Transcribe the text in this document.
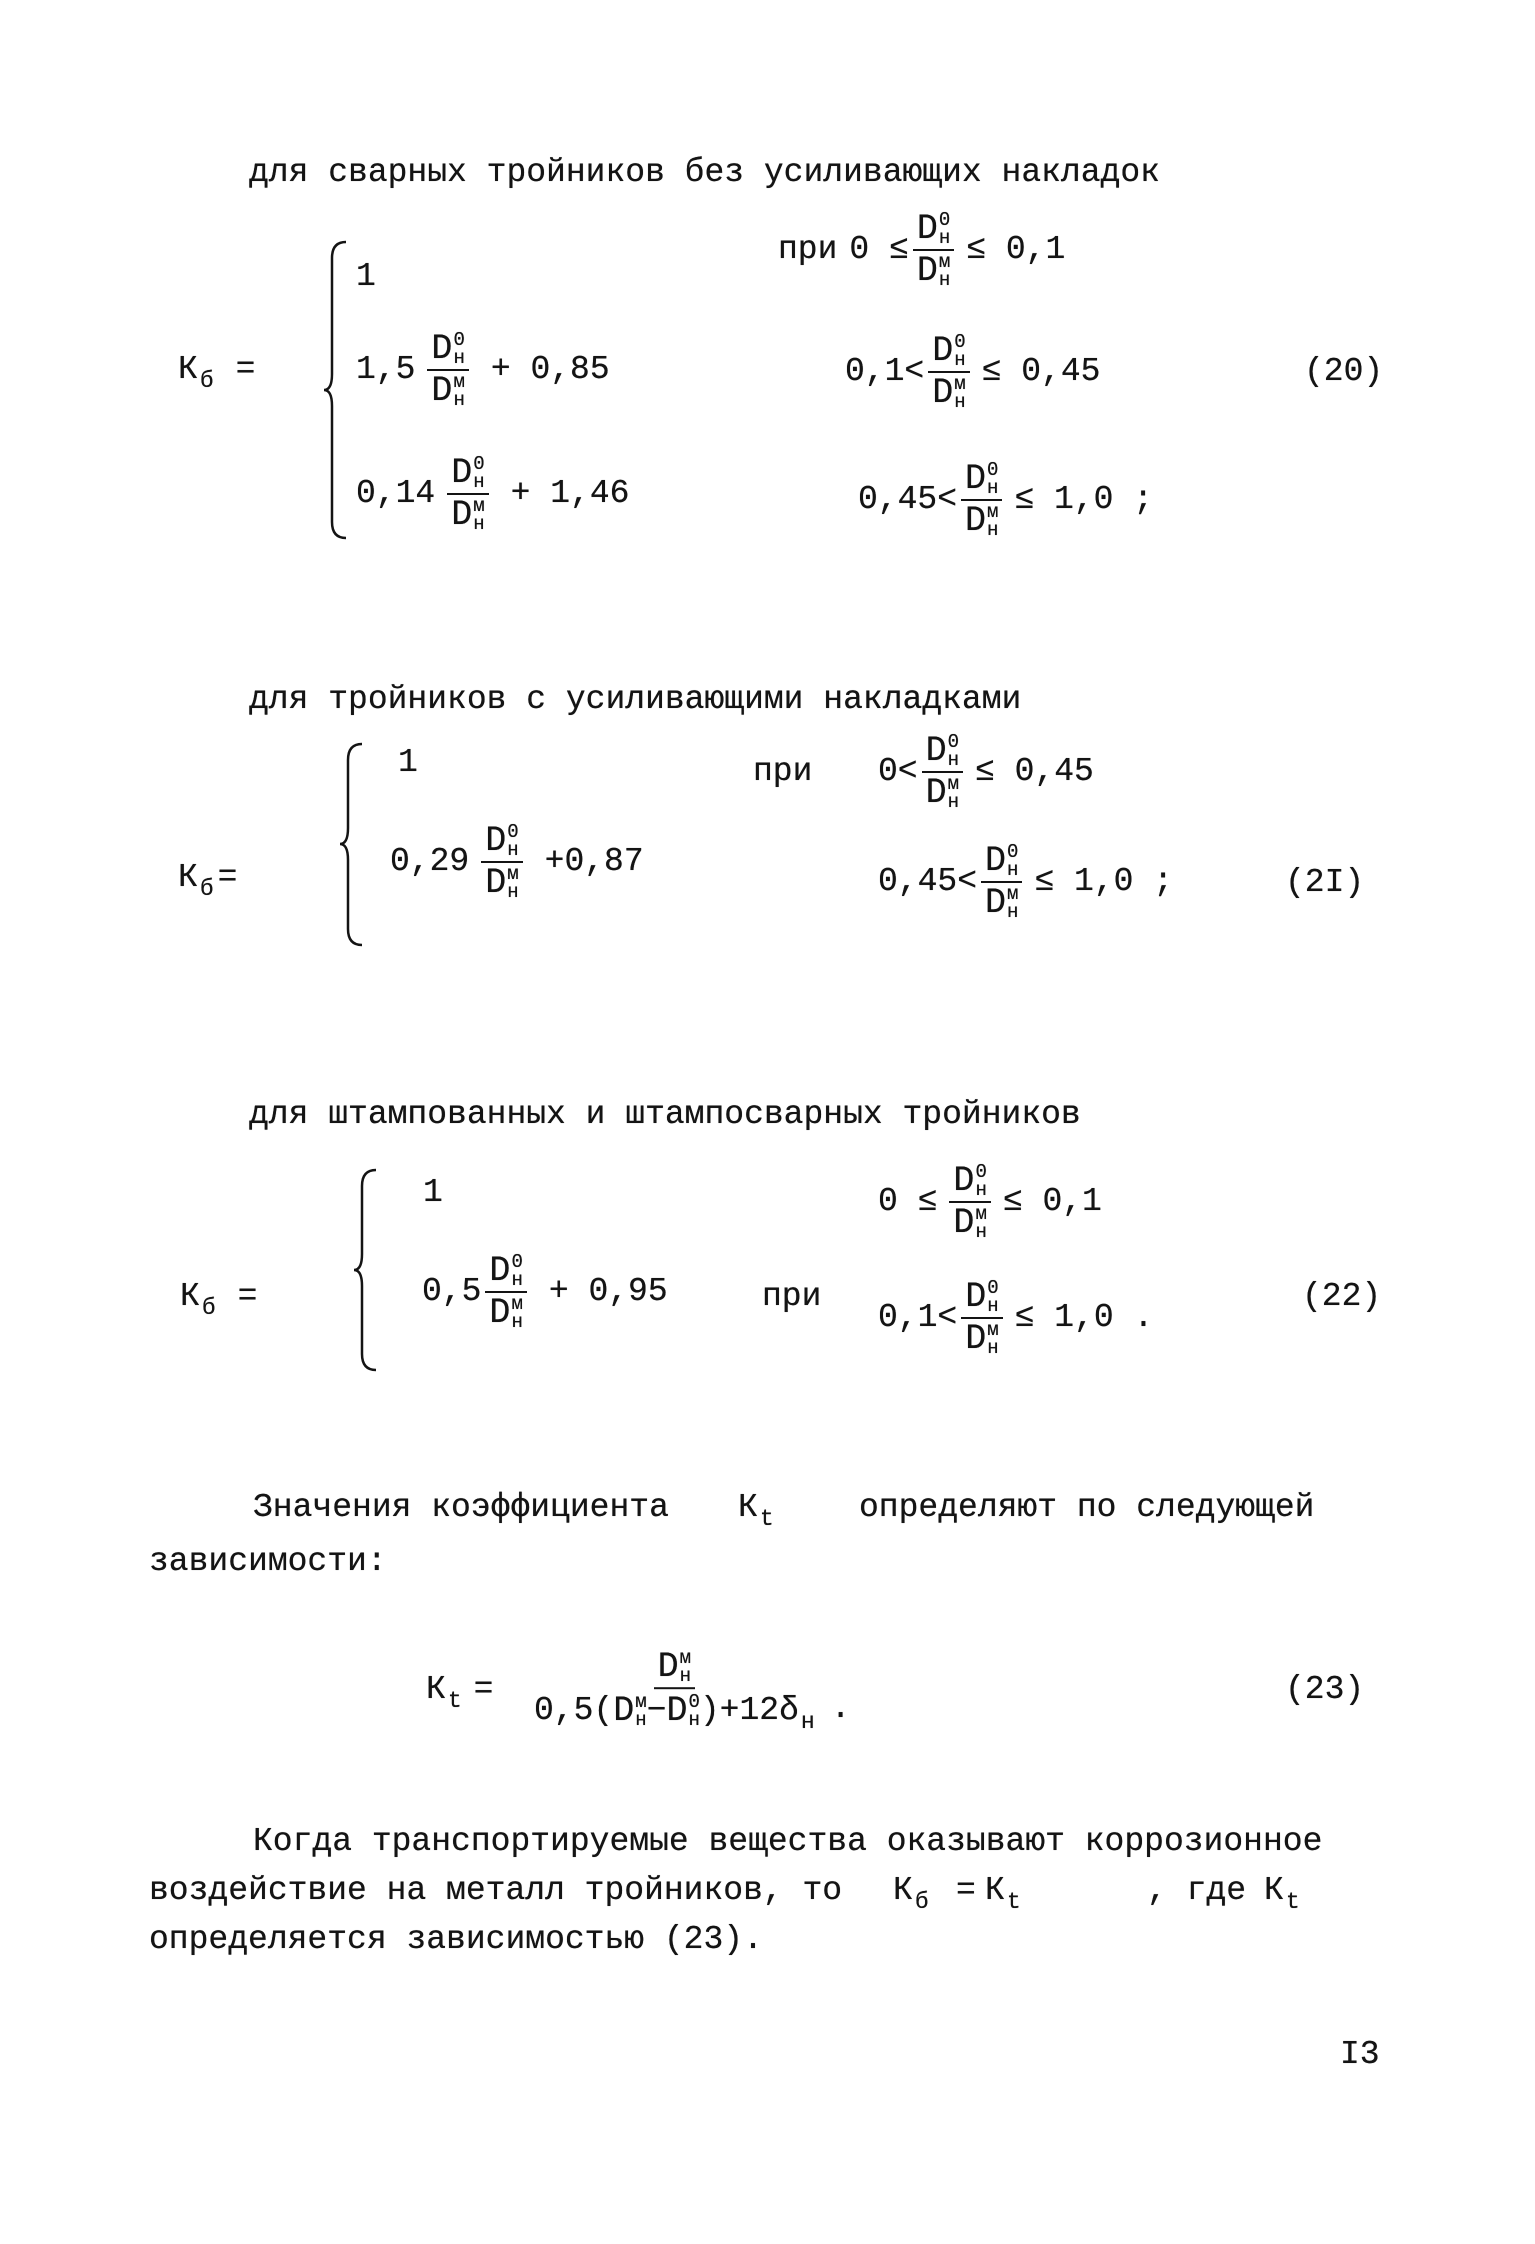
для сварных тройников без усиливающих накладок
К б =
1
при 0 ≤ D 0
н
D м
н ≤ 0,1
1,5 D 0
н
D м
н + 0,85	0,1< D 0
н
D м
н ≤ 0,45
0,14 D 0
н
D м
н + 1,46	0,45< D 0
н
D м
н ≤ 1,0 ;
(20)
для тройников с усиливающими накладками
К б =
1	при 0< D 0
н
D м
н ≤ 0,45
0,29 D 0
н
D м
н +0,87
0,45< D 0
н
D м
н ≤ 1,0 ;	(2I)
для штампованных и штампосварных тройников
К б =
1	0 ≤ D 0
н
D м
н ≤ 0,1
0,5 D 0
н
D м
н + 0,95	при
0,1< D 0
н
D м
н ≤ 1,0 .
(22)
Значения коэффициента К t	определяют по следующей
зависимости:
К t = D м
н
0,5( D м
н − D 0
н )+12 δ н .
(23)
Когда транспортируемые вещества оказывают коррозионное
воздействие на металл тройников, то К б = К t	, где К t
определяется зависимостью (23).
I3
